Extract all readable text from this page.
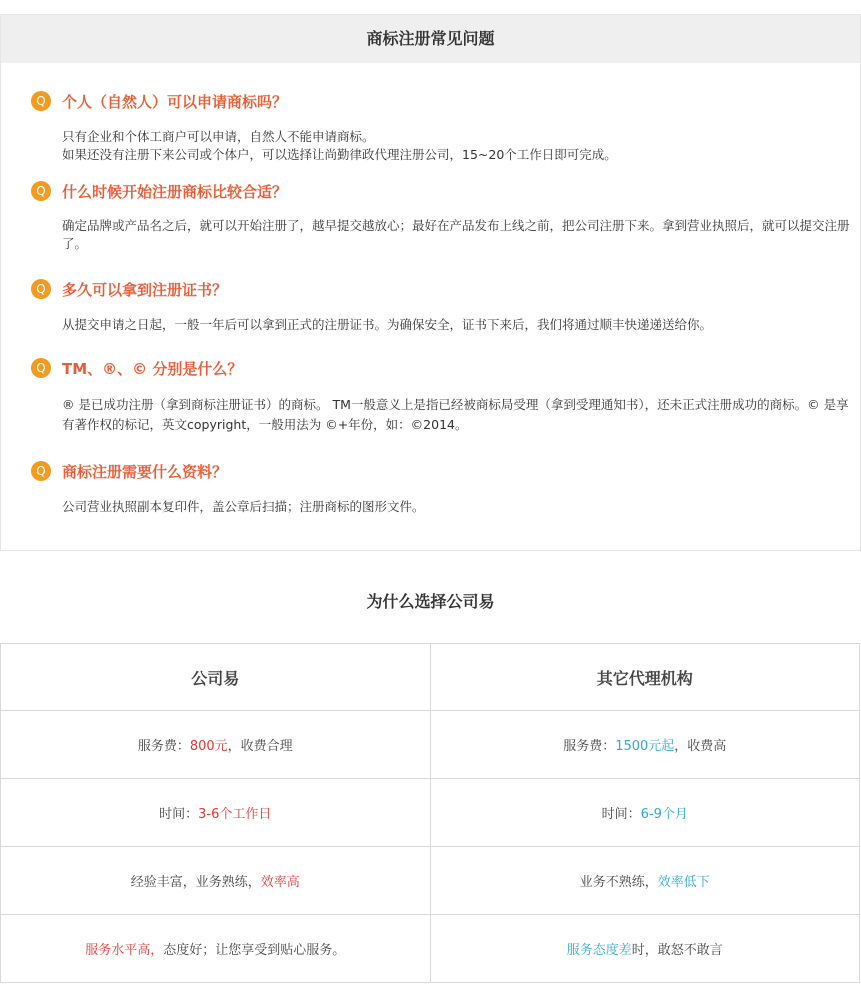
商标注册常见问题
Q	个人（自然人）可以申请商标吗？

只有企业和个体工商户可以申请，自然人不能申请商标。

如果还没有注册下来公司或个体户，可以选择让尚勤律政代理注册公司，15~20个工作日即可完成。

Q	什么时候开始注册商标比较合适？

确定品牌或产品名之后，就可以开始注册了，越早提交越放心；最好在产品发布上线之前，把公司注册下来。拿到营业执照后，就可以提交注册了。

Q	多久可以拿到注册证书？

从提交申请之日起，一般一年后可以拿到正式的注册证书。为确保安全，证书下来后，我们将通过顺丰快递递送给你。

Q	TM、®、© 分别是什么？

® 是已成功注册（拿到商标注册证书）的商标。 TM一般意义上是指已经被商标局受理（拿到受理通知书），还未正式注册成功的商标。© 是享有著作权的标记，英文copyright，一般用法为 ©+年份，如：©2014。

Q	商标注册需要什么资料？

公司营业执照副本复印件，盖公章后扫描；注册商标的图形文件。

为什么选择公司易
公司易	其它代理机构
服务费：800元，收费合理	服务费：1500元起，收费高
时间：3-6个工作日	时间：6-9个月
经验丰富，业务熟练，效率高	业务不熟练，效率低下
服务水平高，态度好；让您享受到贴心服务。	服务态度差时，敢怒不敢言
